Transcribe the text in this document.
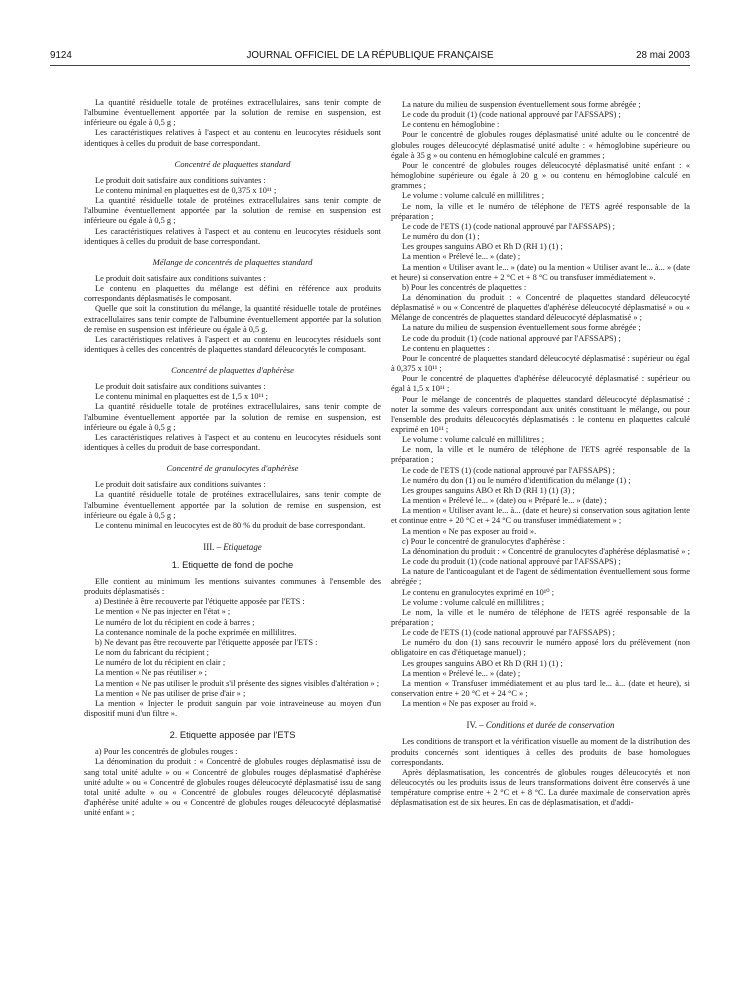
9124	JOURNAL OFFICIEL DE LA RÉPUBLIQUE FRANÇAISE	28 mai 2003

La quantité résiduelle totale de protéines extracellulaires, sans tenir compte de l'albumine éventuellement apportée par la solution de remise en suspension, est inférieure ou égale à 0,5 g ;

Les caractéristiques relatives à l'aspect et au contenu en leucocytes résiduels sont identiques à celles du produit de base correspondant.

Concentré de plaquettes standard

Le produit doit satisfaire aux conditions suivantes :

Le contenu minimal en plaquettes est de 0,375 x 10¹¹ ;

La quantité résiduelle totale de protéines extracellulaires sans tenir compte de l'albumine éventuellement apportée par la solution de remise en suspension est inférieure ou égale à 0,5 g ;

Les caractéristiques relatives à l'aspect et au contenu en leucocytes résiduels sont identiques à celles du produit de base correspondant.

Mélange de concentrés de plaquettes standard

Le produit doit satisfaire aux conditions suivantes :

Le contenu en plaquettes du mélange est défini en référence aux produits correspondants déplasmatisés le composant.

Quelle que soit la constitution du mélange, la quantité résiduelle totale de protéines extracellulaires sans tenir compte de l'albumine éventuellement apportée par la solution de remise en suspension est inférieure ou égale à 0,5 g.

Les caractéristiques relatives à l'aspect et au contenu en leucocytes résiduels sont identiques à celles des concentrés de plaquettes standard déleucocytés le composant.

Concentré de plaquettes d'aphérèse

Le produit doit satisfaire aux conditions suivantes :

Le contenu minimal en plaquettes est de 1,5 x 10¹¹ ;

La quantité résiduelle totale de protéines extracellulaires, sans tenir compte de l'albumine éventuellement apportée par la solution de remise en suspension, est inférieure ou égale à 0,5 g ;

Les caractéristiques relatives à l'aspect et au contenu en leucocytes résiduels sont identiques à celles du produit de base correspondant.

Concentré de granulocytes d'aphérèse

Le produit doit satisfaire aux conditions suivantes :

La quantité résiduelle totale de protéines extracellulaires, sans tenir compte de l'albumine éventuellement apportée par la solution de remise en suspension, est inférieure ou égale à 0,5 g ;

Le contenu minimal en leucocytes est de 80 % du produit de base correspondant.

III. – Etiquetage
1. Etiquette de fond de poche

Elle contient au minimum les mentions suivantes communes à l'ensemble des produits déplasmatisés :

a) Destinée à être recouverte par l'étiquette apposée par l'ETS :

Le mention « Ne pas injecter en l'état » ;

Le numéro de lot du récipient en code à barres ;

La contenance nominale de la poche exprimée en millilitres.

b) Ne devant pas être recouverte par l'étiquette apposée par l'ETS :

Le nom du fabricant du récipient ;

Le numéro de lot du récipient en clair ;

La mention « Ne pas réutiliser » ;

La mention « Ne pas utiliser le produit s'il présente des signes visibles d'altération » ;

La mention « Ne pas utiliser de prise d'air » ;

La mention « Injecter le produit sanguin par voie intraveineuse au moyen d'un dispositif muni d'un filtre ».

2. Etiquette apposée par l'ETS

a) Pour les concentrés de globules rouges :

La dénomination du produit : « Concentré de globules rouges déplasmatisé issu de sang total unité adulte » ou « Concentré de globules rouges déplasmatisé d'aphérèse unité adulte » ou « Concentré de globules rouges déleucocyté déplasmatisé issu de sang total unité adulte » ou « Concentré de globules rouges déleucocyté déplasmatisé d'aphérèse unité adulte » ou « Concentré de globules rouges déleucocyté déplasmatisé unité enfant » ;

La nature du milieu de suspension éventuellement sous forme abrégée ;

Le code du produit (1) (code national approuvé par l'AFSSAPS) ;

Le contenu en hémoglobine :

Pour le concentré de globules rouges déplasmatisé unité adulte ou le concentré de globules rouges déleucocyté déplasmatisé unité adulte : « hémoglobine supérieure ou égale à 35 g » ou contenu en hémoglobine calculé en grammes ;

Pour le concentré de globules rouges déleucocyté déplasmatisé unité enfant : « hémoglobine supérieure ou égale à 20 g » ou contenu en hémoglobine calculé en grammes ;

Le volume : volume calculé en millilitres ;

Le nom, la ville et le numéro de téléphone de l'ETS agréé responsable de la préparation ;

Le code de l'ETS (1) (code national approuvé par l'AFSSAPS) ;

Le numéro du don (1) ;

Les groupes sanguins ABO et Rh D (RH 1) (1) ;

La mention « Prélevé le... » (date) ;

La mention « Utiliser avant le... » (date) ou la mention « Utiliser avant le... à... » (date et heure) si conservation entre + 2 °C et + 8 °C ou transfuser immédiatement ».

b) Pour les concentrés de plaquettes :

La dénomination du produit : « Concentré de plaquettes standard déleucocyté déplasmatisé » ou « Concentré de plaquettes d'aphérèse déleucocyté déplasmatisé » ou « Mélange de concentrés de plaquettes standard déleucocyté déplasmatisé » ;

La nature du milieu de suspension éventuellement sous forme abrégée ;

Le code du produit (1) (code national approuvé par l'AFSSAPS) ;

Le contenu en plaquettes :

Pour le concentré de plaquettes standard déleucocyté déplasmatisé : supérieur ou égal à 0,375 x 10¹¹ ;

Pour le concentré de plaquettes d'aphérèse déleucocyté déplasmatisé : supérieur ou égal à 1,5 x 10¹¹ ;

Pour le mélange de concentrés de plaquettes standard déleucocyté déplasmatisé : noter la somme des valeurs correspondant aux unités constituant le mélange, ou pour l'ensemble des produits déleucocytés déplasmatisés : le contenu en plaquettes calculé exprimé en 10¹¹ ;

Le volume : volume calculé en millilitres ;

Le nom, la ville et le numéro de téléphone de l'ETS agréé responsable de la préparation ;

Le code de l'ETS (1) (code national approuvé par l'AFSSAPS) ;

Le numéro du don (1) ou le numéro d'identification du mélange (1) ;

Les groupes sanguins ABO et Rh D (RH 1) (1) (3) ;

La mention « Prélevé le... » (date) ou « Préparé le... » (date) ;

La mention « Utiliser avant le... à... (date et heure) si conservation sous agitation lente et continue entre + 20 °C et + 24 °C ou transfuser immédiatement » ;

La mention « Ne pas exposer au froid ».

c) Pour le concentré de granulocytes d'aphérèse :

La dénomination du produit : « Concentré de granulocytes d'aphérèse déplasmatisé » ;

Le code du produit (1) (code national approuvé par l'AFSSAPS) ;

La nature de l'anticoagulant et de l'agent de sédimentation éventuellement sous forme abrégée ;

Le contenu en granulocytes exprimé en 10¹⁰ ;

Le volume : volume calculé en millilitres ;

Le nom, la ville et le numéro de téléphone de l'ETS agréé responsable de la préparation ;

Le code de l'ETS (1) (code national approuvé par l'AFSSAPS) ;

Le numéro du don (1) sans recouvrir le numéro apposé lors du prélèvement (non obligatoire en cas d'étiquetage manuel) ;

Les groupes sanguins ABO et Rh D (RH 1) (1) ;

La mention « Prélevé le... » (date) ;

La mention « Transfuser immédiatement et au plus tard le... à... (date et heure), si conservation entre + 20 °C et + 24 °C » ;

La mention « Ne pas exposer au froid ».

IV. – Conditions et durée de conservation

Les conditions de transport et la vérification visuelle au moment de la distribution des produits concernés sont identiques à celles des produits de base homologues correspondants.

Après déplasmatisation, les concentrés de globules rouges déleucocytés et non déleucocytés ou les produits issus de leurs transformations doivent être conservés à une température comprise entre + 2 °C et + 8 °C. La durée maximale de conservation après déplasmatisation est de six heures. En cas de déplasmatisation, et d'addi-
